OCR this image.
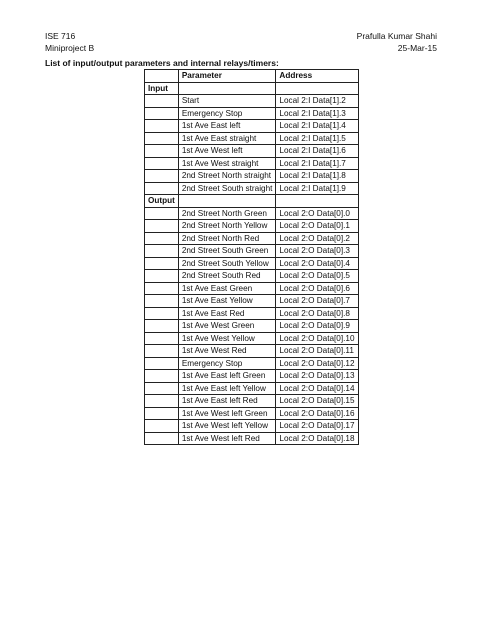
ISE 716
Miniproject B
Prafulla Kumar Shahi
25-Mar-15
List of input/output parameters and internal relays/timers:
	Parameter	Address
Input		
	Start	Local 2:I Data[1].2
	Emergency Stop	Local 2:I Data[1].3
	1st Ave East left	Local 2:I Data[1].4
	1st Ave East straight	Local 2:I Data[1].5
	1st Ave West left	Local 2:I Data[1].6
	1st Ave West straight	Local 2:I Data[1].7
	2nd Street North straight	Local 2:I Data[1].8
	2nd Street South straight	Local 2:I Data[1].9
Output		
	2nd Street North Green	Local 2:O Data[0].0
	2nd Street North Yellow	Local 2:O Data[0].1
	2nd Street North Red	Local 2:O Data[0].2
	2nd Street South Green	Local 2:O Data[0].3
	2nd Street South Yellow	Local 2:O Data[0].4
	2nd Street South Red	Local 2:O Data[0].5
	1st Ave East Green	Local 2:O Data[0].6
	1st Ave East Yellow	Local 2:O Data[0].7
	1st Ave East Red	Local 2:O Data[0].8
	1st Ave West Green	Local 2:O Data[0].9
	1st Ave West Yellow	Local 2:O Data[0].10
	1st Ave West Red	Local 2:O Data[0].11
	Emergency Stop	Local 2:O Data[0].12
	1st Ave East left Green	Local 2:O Data[0].13
	1st Ave East left Yellow	Local 2:O Data[0].14
	1st Ave East left Red	Local 2:O Data[0].15
	1st Ave West left Green	Local 2:O Data[0].16
	1st Ave West left Yellow	Local 2:O Data[0].17
	1st Ave West left Red	Local 2:O Data[0].18
